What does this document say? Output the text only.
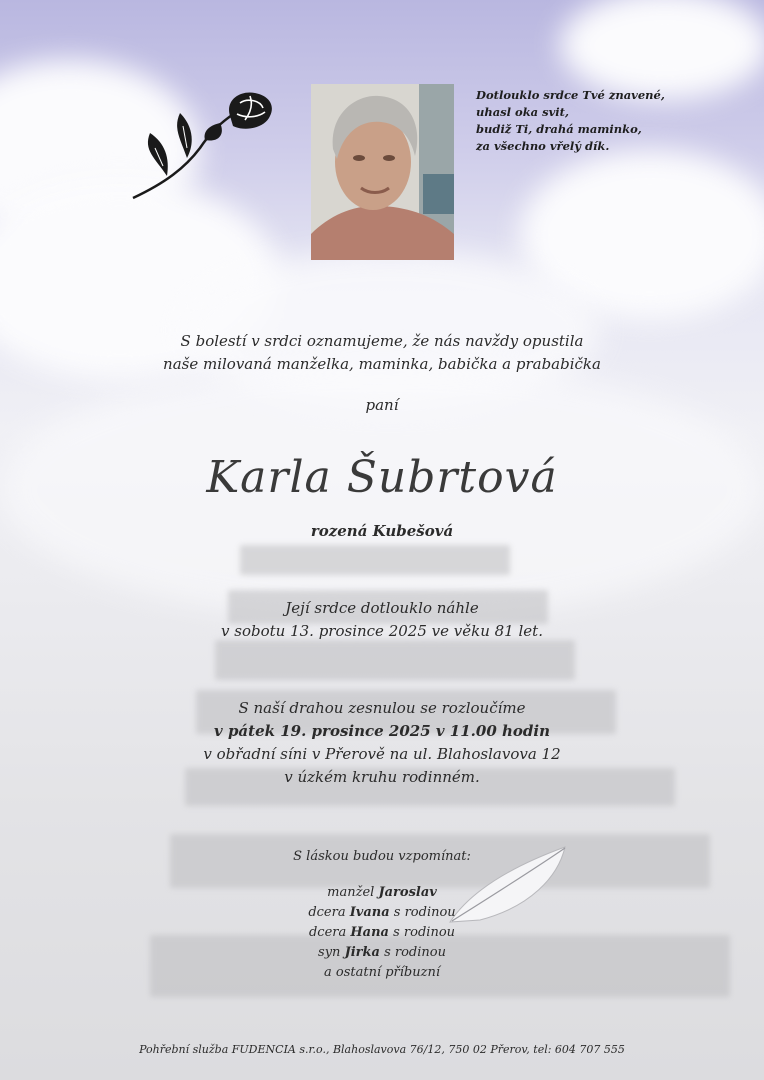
Dotlouklo srdce Tvé znavené,
uhasl oka svit,
budiž Ti, drahá maminko,
za všechno vřelý dík.
S bolestí v srdci oznamujeme, že nás navždy opustila
naše milovaná manželka, maminka, babička a prababička
paní
Karla Šubrtová
rozená Kubešová
Její srdce dotlouklo náhle
v sobotu 13. prosince 2025 ve věku 81 let.
S naší drahou zesnulou se rozloučíme
v pátek 19. prosince 2025 v 11.00 hodin
v obřadní síni v Přerově na ul. Blahoslavova 12
v úzkém kruhu rodinném.
S láskou budou vzpomínat:
manžel Jaroslav
dcera Ivana s rodinou
dcera Hana s rodinou
syn Jirka s rodinou
a ostatní příbuzní
Pohřební služba FUDENCIA s.r.o., Blahoslavova 76/12, 750 02 Přerov, tel: 604 707 555
